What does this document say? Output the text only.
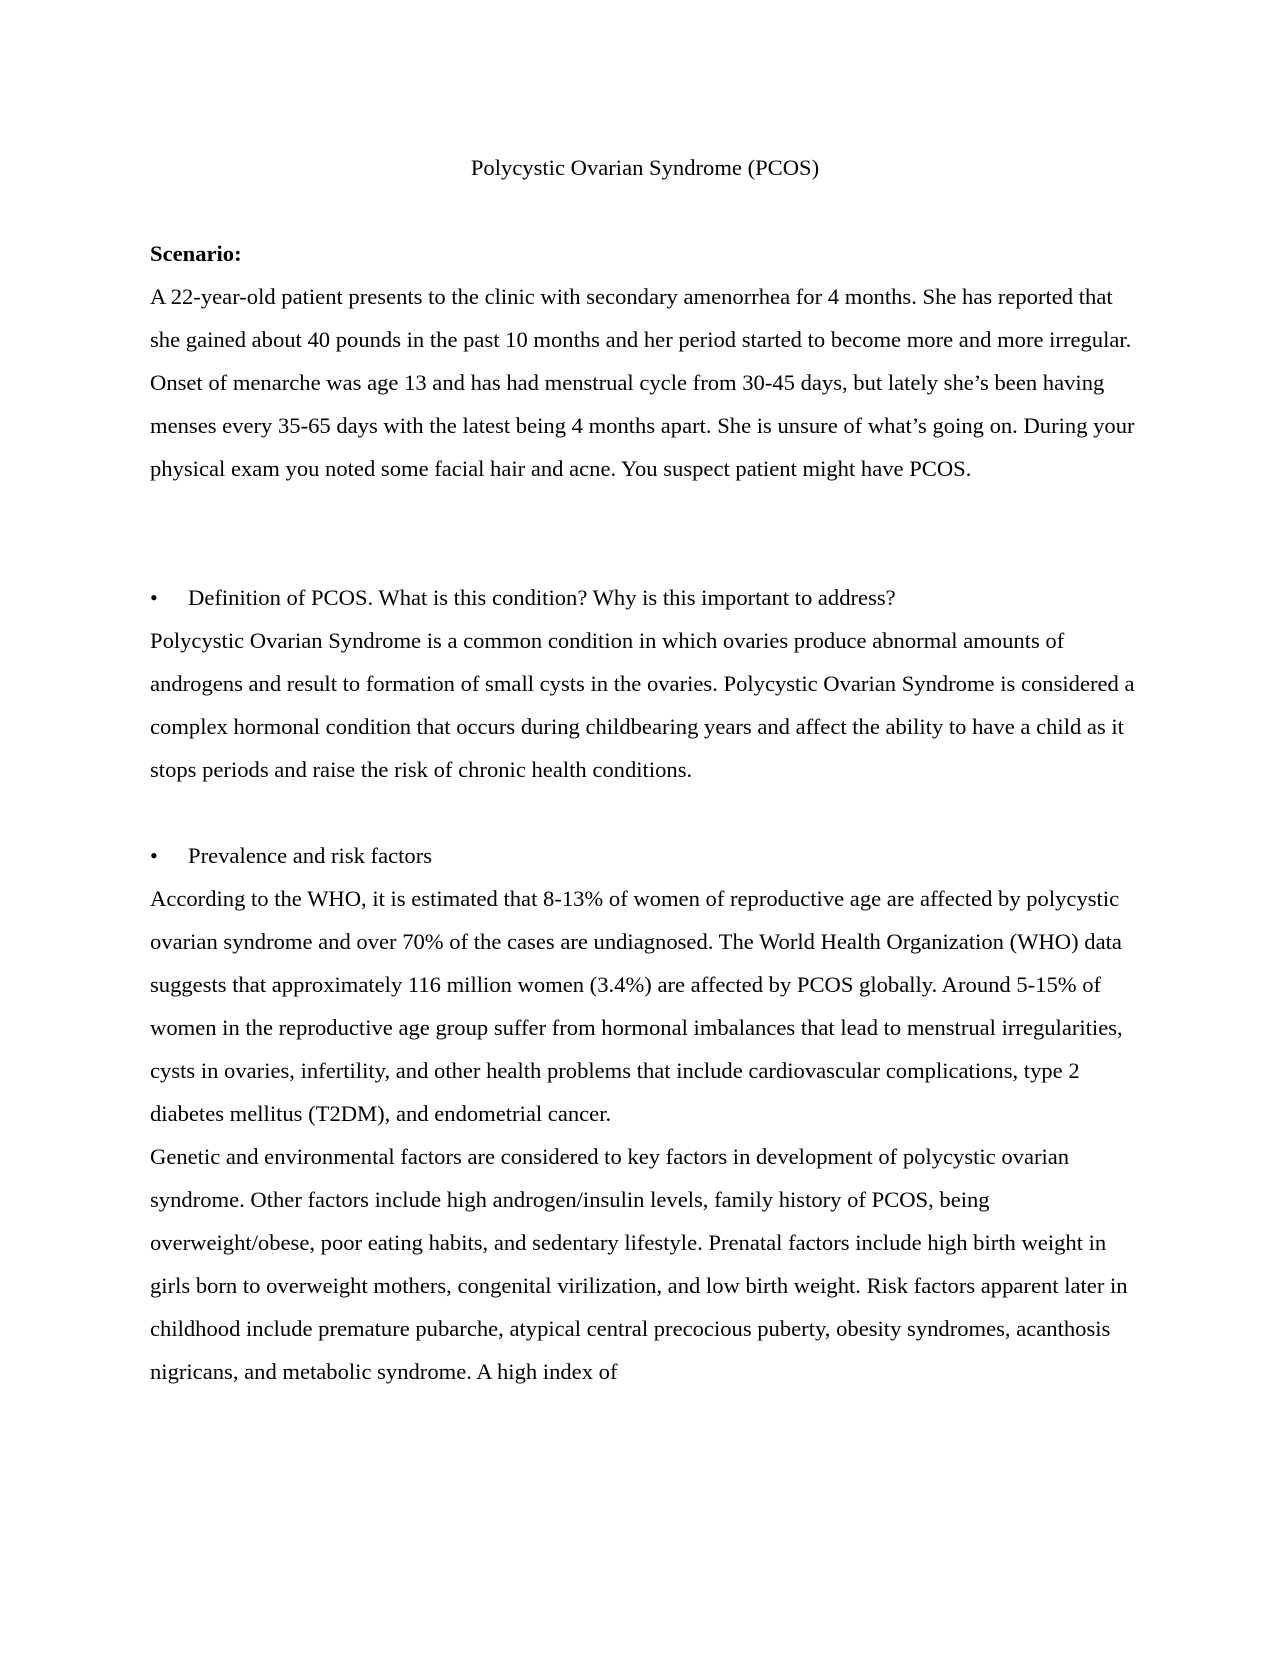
Polycystic Ovarian Syndrome (PCOS)

Scenario:

A 22-year-old patient presents to the clinic with secondary amenorrhea for 4 months. She has reported that she gained about 40 pounds in the past 10 months and her period started to become more and more irregular. Onset of menarche was age 13 and has had menstrual cycle from 30-45 days, but lately she’s been having menses every 35-65 days with the latest being 4 months apart. She is unsure of what’s going on. During your physical exam you noted some facial hair and acne. You suspect patient might have PCOS.

•	Definition of PCOS. What is this condition? Why is this important to address?

Polycystic Ovarian Syndrome is a common condition in which ovaries produce abnormal amounts of androgens and result to formation of small cysts in the ovaries. Polycystic Ovarian Syndrome is considered a complex hormonal condition that occurs during childbearing years and affect the ability to have a child as it stops periods and raise the risk of chronic health conditions.

•	Prevalence and risk factors

According to the WHO, it is estimated that 8-13% of women of reproductive age are affected by polycystic ovarian syndrome and over 70% of the cases are undiagnosed. The World Health Organization (WHO) data suggests that approximately 116 million women (3.4%) are affected by PCOS globally. Around 5-15% of women in the reproductive age group suffer from hormonal imbalances that lead to menstrual irregularities, cysts in ovaries, infertility, and other health problems that include cardiovascular complications, type 2 diabetes mellitus (T2DM), and endometrial cancer.

Genetic and environmental factors are considered to key factors in development of polycystic ovarian syndrome. Other factors include high androgen/insulin levels, family history of PCOS, being overweight/obese, poor eating habits, and sedentary lifestyle. Prenatal factors include high birth weight in girls born to overweight mothers, congenital virilization, and low birth weight. Risk factors apparent later in childhood include premature pubarche, atypical central precocious puberty, obesity syndromes, acanthosis nigricans, and metabolic syndrome. A high index of
